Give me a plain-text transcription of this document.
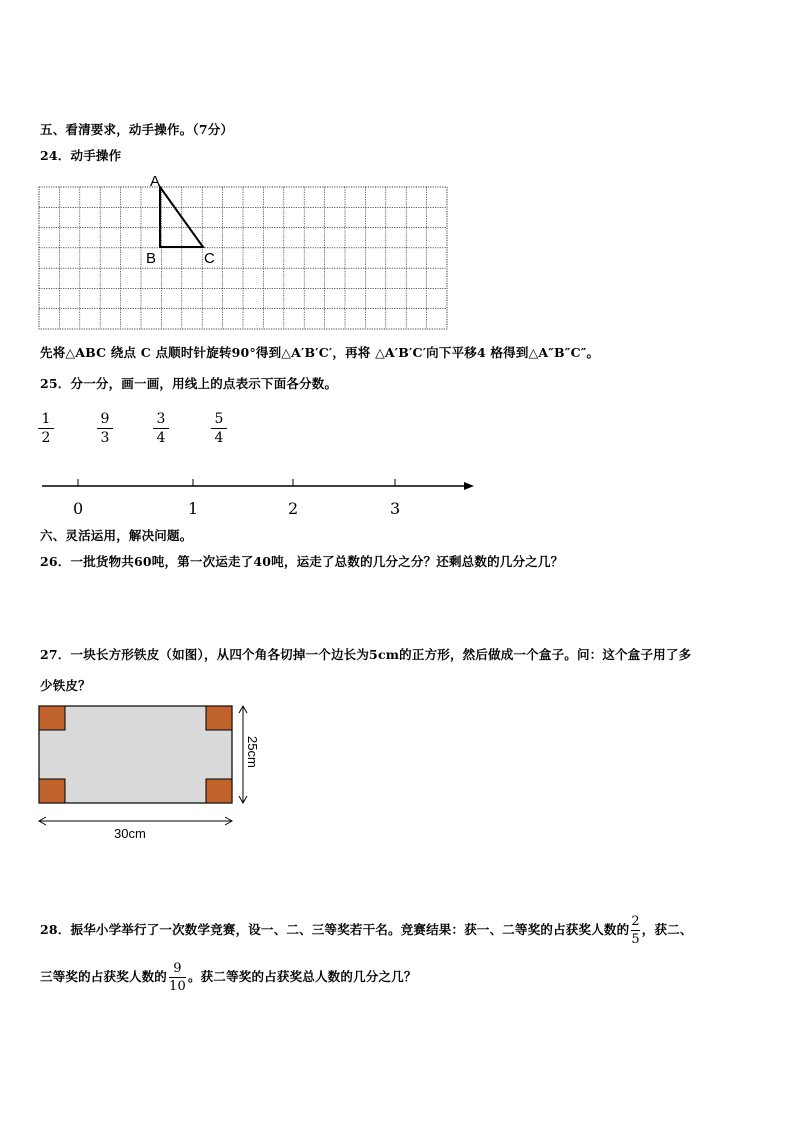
五、看清要求，动手操作。（7分）
24．动手操作
A
B	C
先将△ABC 绕点 C 点顺时针旋转90°得到△A′B′C′，再将 △A′B′C′向下平移4 格得到△A″B″C″。
25．分一分，画一画，用线上的点表示下面各分数。
1
2
9
3
3
4
5
4
0	1	2	3
六、灵活运用，解决问题。
26．一批货物共60吨，第一次运走了40吨，运走了总数的几分之分？还剩总数的几分之几？
27．一块长方形铁皮（如图），从四个角各切掉一个边长为5cm的正方形，然后做成一个盒子。问：这个盒子用了多
少铁皮？
30cm
25cm
28．振华小学举行了一次数学竞赛，设一、二、三等奖若干名。竞赛结果：获一、二等奖的占获奖人数的 $\frac{2}{5}$ ，获二、
三等奖的占获奖人数的 $\frac{9}{10}$ 。获二等奖的占获奖总人数的几分之几？
